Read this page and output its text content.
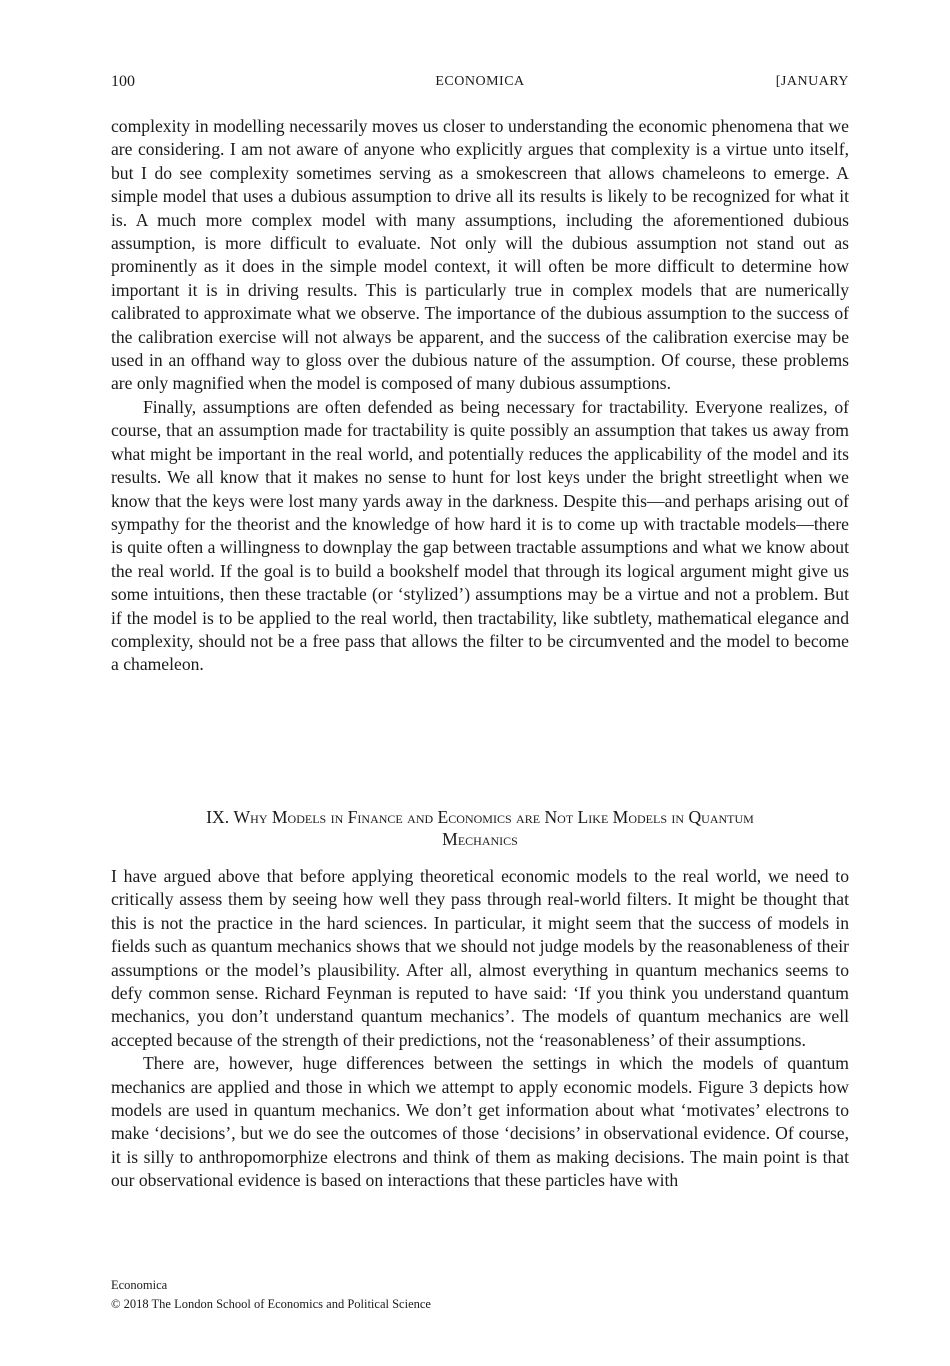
100	ECONOMICA	[JANUARY

complexity in modelling necessarily moves us closer to understanding the economic phenomena that we are considering. I am not aware of anyone who explicitly argues that complexity is a virtue unto itself, but I do see complexity sometimes serving as a smokescreen that allows chameleons to emerge. A simple model that uses a dubious assumption to drive all its results is likely to be recognized for what it is. A much more complex model with many assumptions, including the aforementioned dubious assumption, is more difficult to evaluate. Not only will the dubious assumption not stand out as prominently as it does in the simple model context, it will often be more difficult to determine how important it is in driving results. This is particularly true in complex models that are numerically calibrated to approximate what we observe. The importance of the dubious assumption to the success of the calibration exercise will not always be apparent, and the success of the calibration exercise may be used in an offhand way to gloss over the dubious nature of the assumption. Of course, these problems are only magnified when the model is composed of many dubious assumptions.

Finally, assumptions are often defended as being necessary for tractability. Everyone realizes, of course, that an assumption made for tractability is quite possibly an assumption that takes us away from what might be important in the real world, and potentially reduces the applicability of the model and its results. We all know that it makes no sense to hunt for lost keys under the bright streetlight when we know that the keys were lost many yards away in the darkness. Despite this—and perhaps arising out of sympathy for the theorist and the knowledge of how hard it is to come up with tractable models—there is quite often a willingness to downplay the gap between tractable assumptions and what we know about the real world. If the goal is to build a bookshelf model that through its logical argument might give us some intuitions, then these tractable (or ‘stylized’) assumptions may be a virtue and not a problem. But if the model is to be applied to the real world, then tractability, like subtlety, mathematical elegance and complexity, should not be a free pass that allows the filter to be circumvented and the model to become a chameleon.

IX. Why Models in Finance and Economics are Not Like Models in Quantum
Mechanics

I have argued above that before applying theoretical economic models to the real world, we need to critically assess them by seeing how well they pass through real-world filters. It might be thought that this is not the practice in the hard sciences. In particular, it might seem that the success of models in fields such as quantum mechanics shows that we should not judge models by the reasonableness of their assumptions or the model’s plausibility. After all, almost everything in quantum mechanics seems to defy common sense. Richard Feynman is reputed to have said: ‘If you think you understand quantum mechanics, you don’t understand quantum mechanics’. The models of quantum mechanics are well accepted because of the strength of their predictions, not the ‘reasonableness’ of their assumptions.

There are, however, huge differences between the settings in which the models of quantum mechanics are applied and those in which we attempt to apply economic models. Figure 3 depicts how models are used in quantum mechanics. We don’t get information about what ‘motivates’ electrons to make ‘decisions’, but we do see the outcomes of those ‘decisions’ in observational evidence. Of course, it is silly to anthropomorphize electrons and think of them as making decisions. The main point is that our observational evidence is based on interactions that these particles have with

Economica
© 2018 The London School of Economics and Political Science
